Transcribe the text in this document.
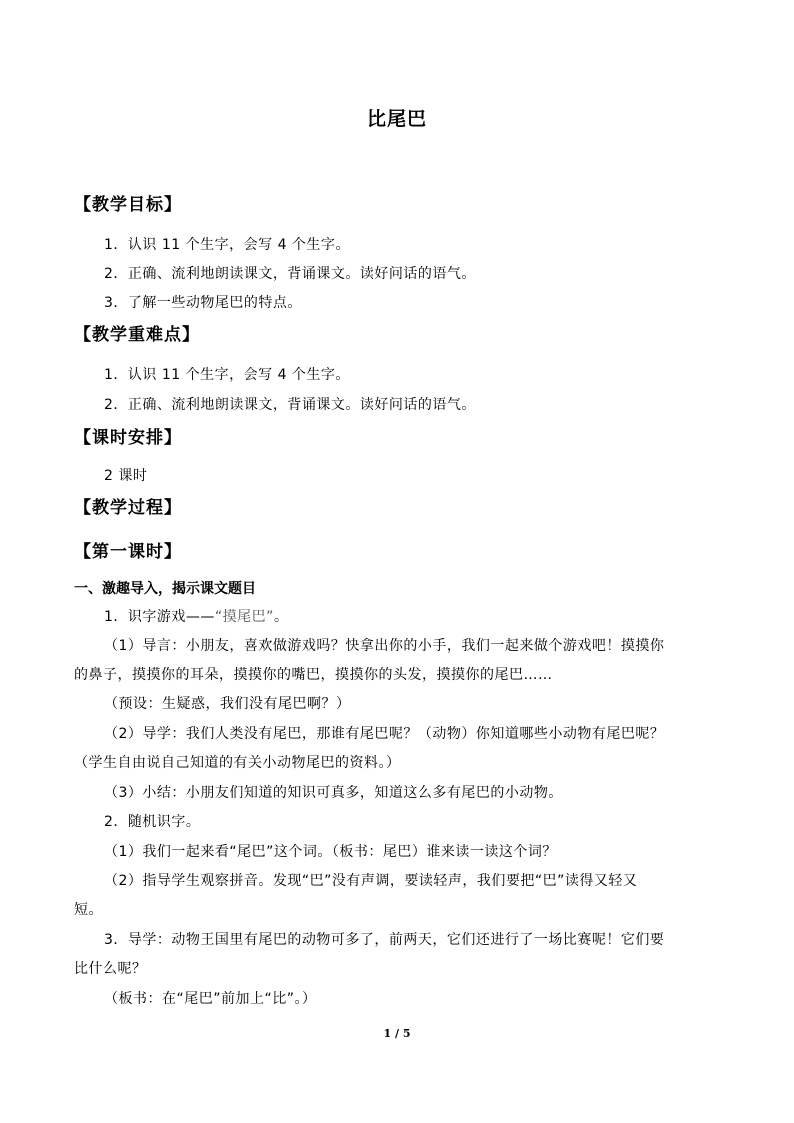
比尾巴
【教学目标】
1．认识 11 个生字，会写 4 个生字。
2．正确、流利地朗读课文，背诵课文。读好问话的语气。
3．了解一些动物尾巴的特点。
【教学重难点】
1．认识 11 个生字，会写 4 个生字。
2．正确、流利地朗读课文，背诵课文。读好问话的语气。
【课时安排】
2 课时
【教学过程】
【第一课时】
一、激趣导入，揭示课文题目
1．识字游戏——“摸尾巴”。
（1）导言：小朋友，喜欢做游戏吗？快拿出你的小手，我们一起来做个游戏吧！摸摸你
的鼻子，摸摸你的耳朵，摸摸你的嘴巴，摸摸你的头发，摸摸你的尾巴……
（预设：生疑惑，我们没有尾巴啊？）
（2）导学：我们人类没有尾巴，那谁有尾巴呢？（动物）你知道哪些小动物有尾巴呢？
（学生自由说自己知道的有关小动物尾巴的资料。）
（3）小结：小朋友们知道的知识可真多，知道这么多有尾巴的小动物。
2．随机识字。
（1）我们一起来看“尾巴”这个词。（板书：尾巴）谁来读一读这个词？
（2）指导学生观察拼音。发现“巴”没有声调，要读轻声，我们要把“巴”读得又轻又
短。
3．导学：动物王国里有尾巴的动物可多了，前两天，它们还进行了一场比赛呢！它们要
比什么呢？
（板书：在“尾巴”前加上“比”。）
1 / 5
